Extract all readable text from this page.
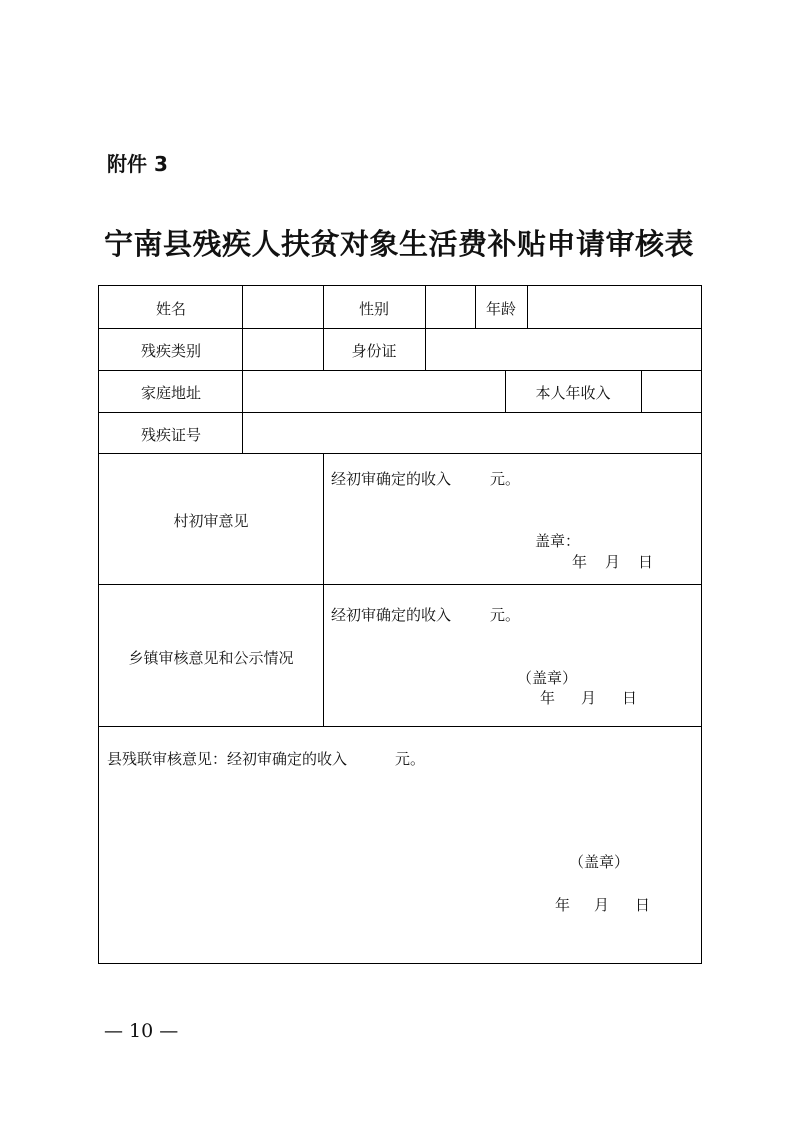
附件 3
宁南县残疾人扶贫对象生活费补贴申请审核表
姓名	性别	年龄
残疾类别	身份证
家庭地址	本人年收入
残疾证号
村初审意见
经初审确定的收入	元。
盖章：
年 月 日
乡镇审核意见和公示情况
经初审确定的收入	元。
（盖章）
年 月 日
县残联审核意见：经初审确定的收入	元。
（盖章）
年 月 日
— 10 —
